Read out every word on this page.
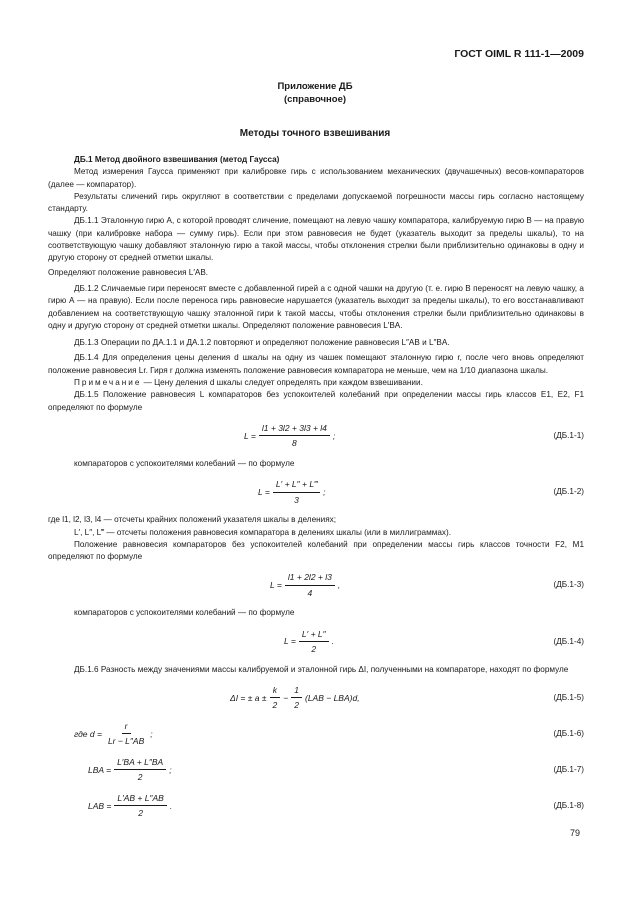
ГОСТ OIML R 111-1—2009
Приложение ДБ
(справочное)
Методы точного взвешивания

ДБ.1 Метод двойного взвешивания (метод Гаусса)

Метод измерения Гаусса применяют при калибровке гирь с использованием механических (двучашечных) весов-компараторов (далее — компаратор).

Результаты сличений гирь округляют в соответствии с пределами допускаемой погрешности массы гирь согласно настоящему стандарту.

ДБ.1.1 Эталонную гирю А, с которой проводят сличение, помещают на левую чашку компаратора, калибруемую гирю В — на правую чашку (при калибровке набора — сумму гирь). Если при этом равновесия не будет (указатель выходит за пределы шкалы), то на соответствующую чашку добавляют эталонную гирю a такой массы, чтобы отклонения стрелки были приблизительно одинаковы в одну и другую сторону от средней отметки шкалы.

Определяют положение равновесия L′AB.

ДБ.1.2 Сличаемые гири переносят вместе с добавленной гирей a с одной чашки на другую (т. е. гирю В переносят на левую чашку, а гирю А — на правую). Если после переноса гирь равновесие нарушается (указатель выходит за пределы шкалы), то его восстанавливают добавлением на соответствующую чашку эталонной гири k такой массы, чтобы отклонения стрелки были приблизительно одинаковы в одну и другую сторону от средней отметки шкалы. Определяют положение равновесия L′BA.

ДБ.1.3 Операции по ДА.1.1 и ДА.1.2 повторяют и определяют положение равновесия L″AB и L″BA.

ДБ.1.4 Для определения цены деления d шкалы на одну из чашек помещают эталонную гирю r, после чего вновь определяют положение равновесия Lr. Гиря r должна изменять положение равновесия компаратора не меньше, чем на 1/10 диапазона шкалы.

Примечание — Цену деления d шкалы следует определять при каждом взвешивании.

ДБ.1.5 Положение равновесия L компараторов без успокоителей колебаний при определении массы гирь классов E1, E2, F1 определяют по формуле

$L = \frac{l1 + 3l2 + 3l3 + l4}{8}$ ;	(ДБ.1-1)

компараторов с успокоителями колебаний — по формуле

$L = \frac{L' + L'' + L‴}{3}$ ;	(ДБ.1-2)

где l1, l2, l3, l4 — отсчеты крайних положений указателя шкалы в делениях;

L′, L″, L‴ — отсчеты положения равновесия компаратора в делениях шкалы (или в миллиграммах).

Положение равновесия компараторов без успокоителей колебаний при определении массы гирь классов точности F2, M1 определяют по формуле

$L = \frac{l1 + 2l2 + l3}{4}$ ,	(ДБ.1-3)

компараторов с успокоителями колебаний — по формуле

$L = \frac{L' + L''}{2}$ .	(ДБ.1-4)

ДБ.1.6 Разность между значениями массы калибруемой и эталонной гирь ΔI, полученными на компараторе, находят по формуле

ΔI = ± $a \pm \frac{k}{2} - \frac{1}{2} (LAB - LBA)d$,	(ДБ.1-5)
где $d = \frac{r}{Lr - L''AB}$ ;	(ДБ.1-6)
LBA = $\frac{L'BA + L''BA}{2}$ ;	(ДБ.1-7)
LAB = $\frac{L'AB + L''AB}{2}$ .	(ДБ.1-8)
79
